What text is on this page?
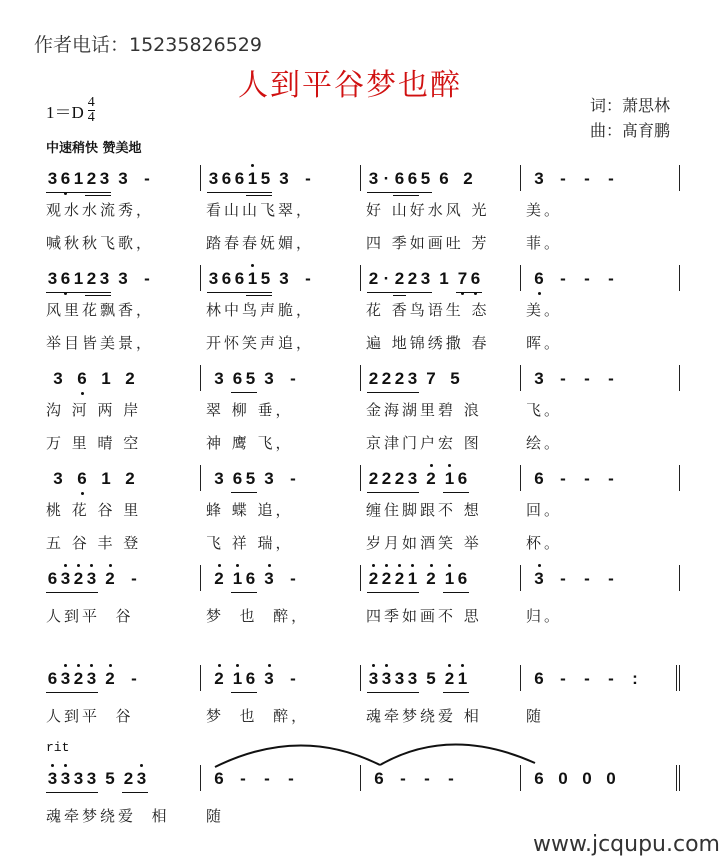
作者电话：15235826529
人到平谷梦也醉
$1=D \frac{4}{4}$	词：萧思林
曲：髙育鹏
中速稍快 赞美地
rit
3 6 1 2 3 3 -	3 6 6 1 5 3 -	3 · 6 6 5 6 2	3 -	-	-
观水水流秀，	看山山飞翠，	好 山好水风 光	美。
喊秋秋飞歌，	踏春春妩媚，	四 季如画吐 芳	菲。
3 6 1 2 3 3 -	3 6 6 1 5 3 -	2 · 2 2 3 1 7 6	6 -	-	-
风里花飘香，	林中鸟声脆，	花 香鸟语生 态	美。
举目皆美景，	开怀笑声追，	遍 地锦绣撒 春	晖。
3 6 1 2	3 6 5 3 -	2 2 2 3 7 5	3 -	-	-
沟 河 两 岸	翠 柳 垂，	金海湖里碧 浪	飞。
万 里 晴 空	神 鹰 飞，	京津门户宏 图	绘。
3 6 1 2	3 6 5 3 -	2 2 2 3 2 1 6	6 -	-	-
桃 花 谷 里	蜂 蝶 追，	缠住脚跟不 想	回。
五 谷 丰 登	飞 祥 瑞，	岁月如酒笑 举	杯。
6 3 2 3 2 -	2 1 6 3 -	2 2 2 1 2 1 6	3 -	-	-
人到平  谷	梦  也  醉，	四季如画不 思	归。
6 3 2 3 2 -	2 1 6 3 -	3 3 3 3 5 2 1	6 -	-	-	:
人到平  谷	梦  也  醉，	魂牵梦绕爱 相	随
3 3 3 3 5 2 3	6 -	-	-	6 -	-	-	6 0 0 0
魂牵梦绕爱  相	随
www.jcqupu.com
